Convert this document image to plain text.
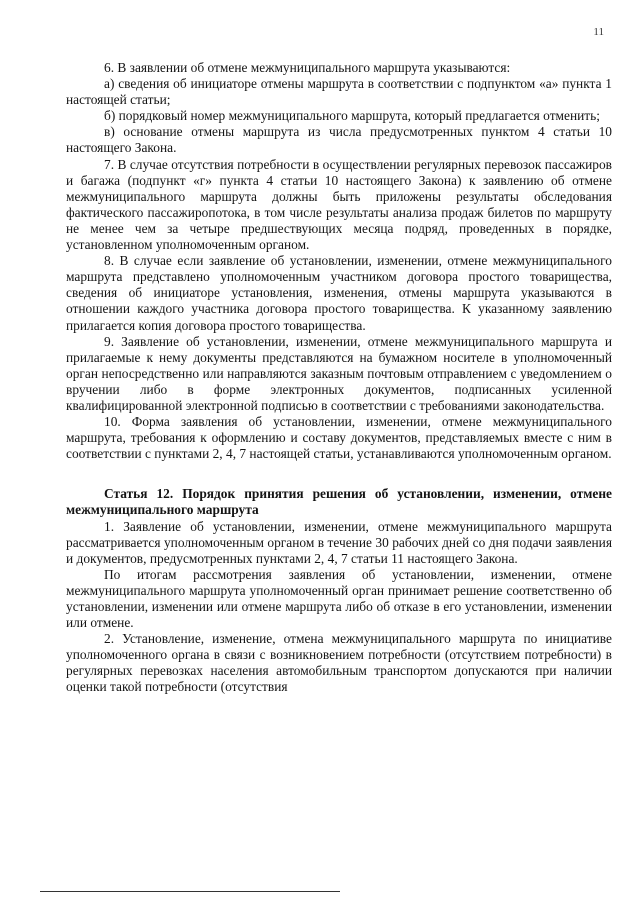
11

6. В заявлении об отмене межмуниципального маршрута указываются:

а) сведения об инициаторе отмены маршрута в соответствии с подпунктом «а» пункта 1 настоящей статьи;

б) порядковый номер межмуниципального маршрута, который предлагается отменить;

в) основание отмены маршрута из числа предусмотренных пунктом 4 статьи 10 настоящего Закона.

7. В случае отсутствия потребности в осуществлении регулярных перевозок пассажиров и багажа (подпункт «г» пункта 4 статьи 10 настоящего Закона) к заявлению об отмене межмуниципального маршрута должны быть приложены результаты обследования фактического пассажиропотока, в том числе результаты анализа продаж билетов по маршруту не менее чем за четыре предшествующих месяца подряд, проведенных в порядке, установленном уполномоченным органом.

8. В случае если заявление об установлении, изменении, отмене межмуниципального маршрута представлено уполномоченным участником договора простого товарищества, сведения об инициаторе установления, изменения, отмены маршрута указываются в отношении каждого участника договора простого товарищества. К указанному заявлению прилагается копия договора простого товарищества.

9. Заявление об установлении, изменении, отмене межмуниципального маршрута и прилагаемые к нему документы представляются на бумажном носителе в уполномоченный орган непосредственно или направляются заказным почтовым отправлением с уведомлением о вручении либо в форме электронных документов, подписанных усиленной квалифицированной электронной подписью в соответствии с требованиями законодательства.

10. Форма заявления об установлении, изменении, отмене межмуниципального маршрута, требования к оформлению и составу документов, представляемых вместе с ним в соответствии с пунктами 2, 4, 7 настоящей статьи, устанавливаются уполномоченным органом.

Статья 12. Порядок принятия решения об установлении, изменении, отмене межмуниципального маршрута

1. Заявление об установлении, изменении, отмене межмуниципального маршрута рассматривается уполномоченным органом в течение 30 рабочих дней со дня подачи заявления и документов, предусмотренных пунктами 2, 4, 7 статьи 11 настоящего Закона.

По итогам рассмотрения заявления об установлении, изменении, отмене межмуниципального маршрута уполномоченный орган принимает решение соответственно об установлении, изменении или отмене маршрута либо об отказе в его установлении, изменении или отмене.

2. Установление, изменение, отмена межмуниципального маршрута по инициативе уполномоченного органа в связи с возникновением потребности (отсутствием потребности) в регулярных перевозках населения автомобильным транспортом допускаются при наличии оценки такой потребности (отсутствия
